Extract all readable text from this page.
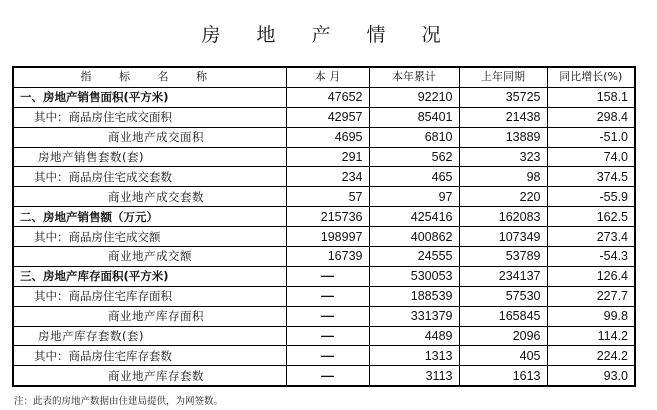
房 地 产 情 况
指 标 名 称	本 月	本年累计	上年同期	同比增长(%)
一、房地产销售面积(平方米)	47652	92210	35725	158.1
其中：商品房住宅成交面积	42957	85401	21438	298.4
商业地产成交面积	4695	6810	13889	-51.0
房地产销售套数(套)	291	562	323	74.0
其中：商品房住宅成交套数	234	465	98	374.5
商业地产成交套数	57	97	220	-55.9
二、房地产销售额（万元）	215736	425416	162083	162.5
其中：商品房住宅成交额	198997	400862	107349	273.4
商业地产成交额	16739	24555	53789	-54.3
三、房地产库存面积(平方米)	—	530053	234137	126.4
其中：商品房住宅库存面积	—	188539	57530	227.7
商业地产库存面积	—	331379	165845	99.8
房地产库存套数(套)	—	4489	2096	114.2
其中：商品房住宅库存套数	—	1313	405	224.2
商业地产库存套数	—	3113	1613	93.0
注：此表的房地产数据由住建局提供，为网签数。
